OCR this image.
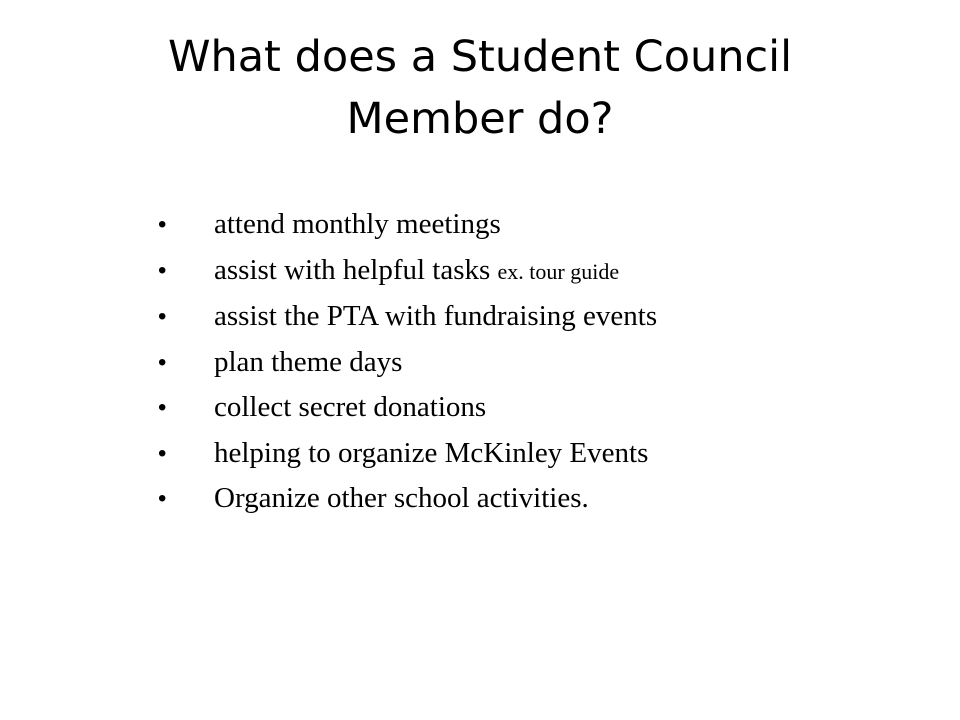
What does a Student Council
Member do?
• attend monthly meetings
• assist with helpful tasks ex. tour guide
• assist the PTA with fundraising events
• plan theme days
• collect secret donations
• helping to organize McKinley Events
• Organize other school activities.
